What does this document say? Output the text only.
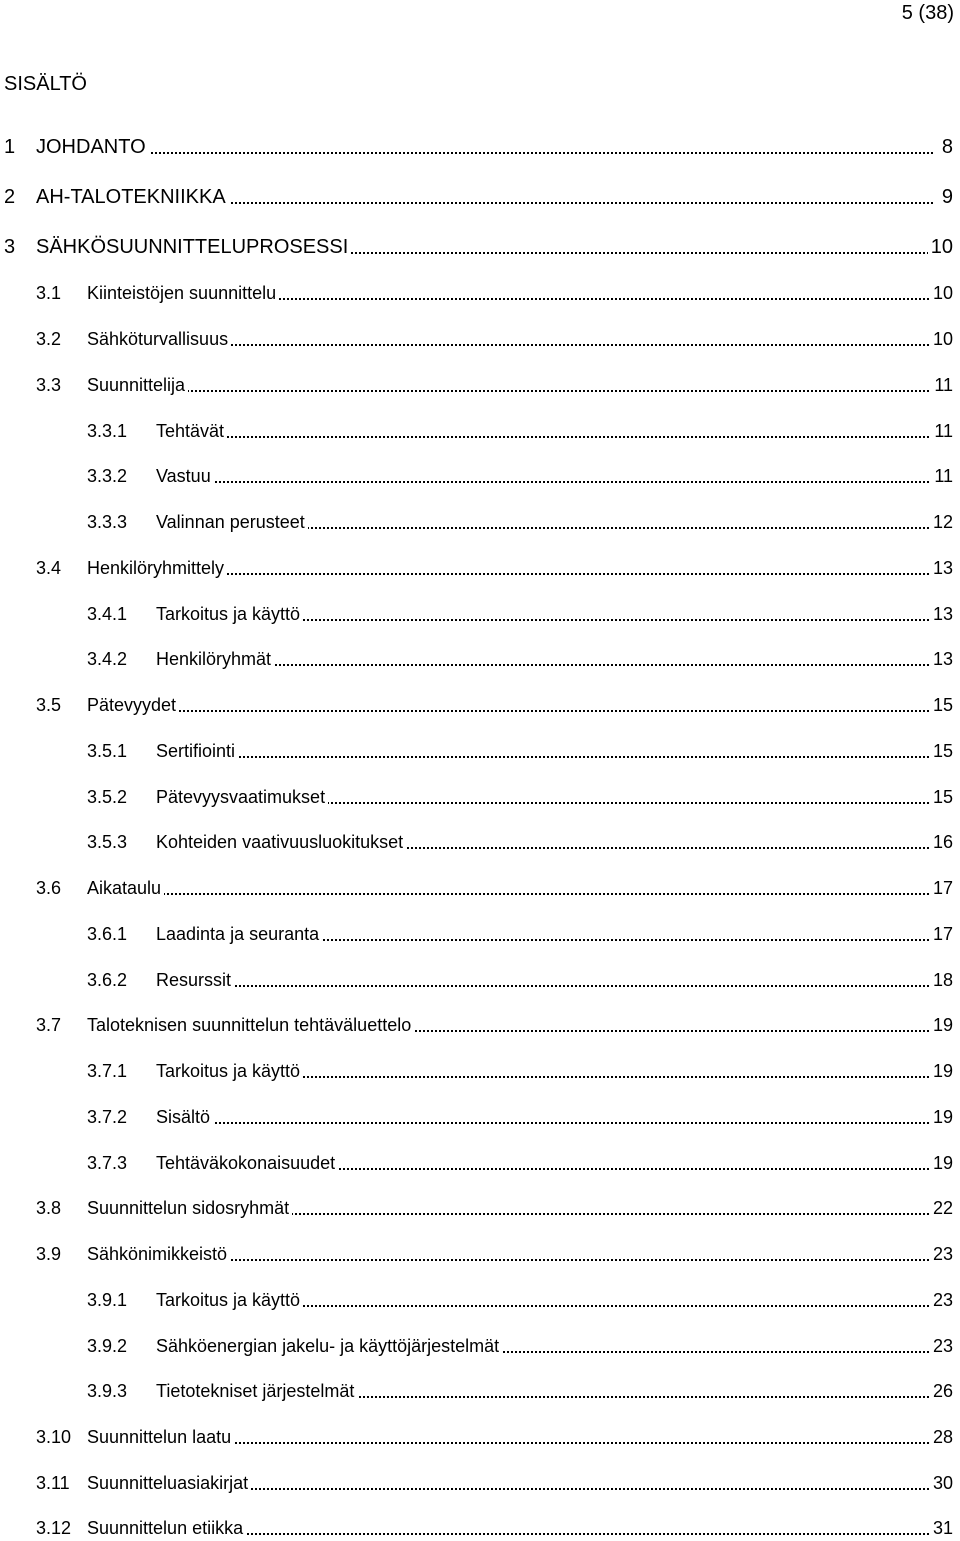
5 (38)
SISÄLTÖ
1 JOHDANTO	8
2 AH-TALOTEKNIIKKA	9
3 SÄHKÖSUUNNITTELUPROSESSI	10
3.1 Kiinteistöjen suunnittelu	10
3.2 Sähköturvallisuus	10
3.3 Suunnittelija	11
3.3.1 Tehtävät	11
3.3.2 Vastuu	11
3.3.3 Valinnan perusteet	12
3.4 Henkilöryhmittely	13
3.4.1 Tarkoitus ja käyttö	13
3.4.2 Henkilöryhmät	13
3.5 Pätevyydet	15
3.5.1 Sertifiointi	15
3.5.2 Pätevyysvaatimukset	15
3.5.3 Kohteiden vaativuusluokitukset	16
3.6 Aikataulu	17
3.6.1 Laadinta ja seuranta	17
3.6.2 Resurssit	18
3.7 Taloteknisen suunnittelun tehtäväluettelo	19
3.7.1 Tarkoitus ja käyttö	19
3.7.2 Sisältö	19
3.7.3 Tehtäväkokonaisuudet	19
3.8 Suunnittelun sidosryhmät	22
3.9 Sähkönimikkeistö	23
3.9.1 Tarkoitus ja käyttö	23
3.9.2 Sähköenergian jakelu- ja käyttöjärjestelmät	23
3.9.3 Tietotekniset järjestelmät	26
3.10 Suunnittelun laatu	28
3.11 Suunnitteluasiakirjat	30
3.12 Suunnittelun etiikka	31
